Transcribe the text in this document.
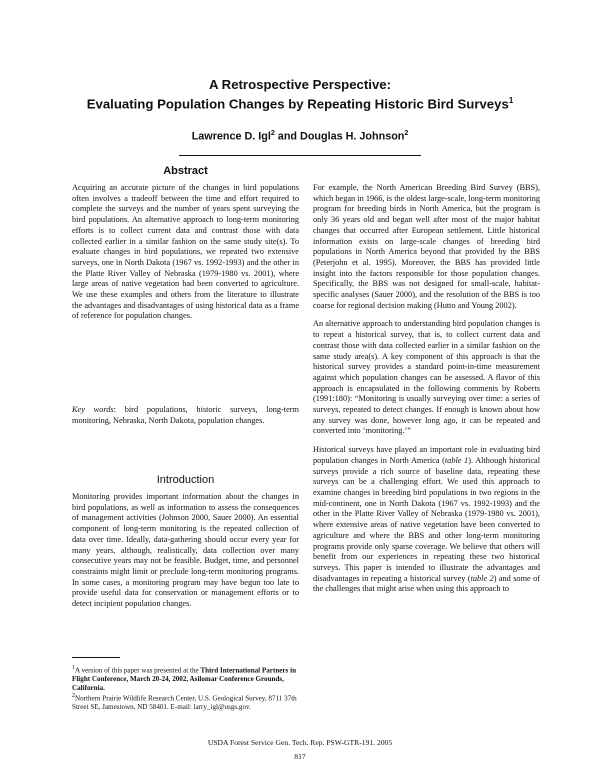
A Retrospective Perspective:
Evaluating Population Changes by Repeating Historic Bird Surveys$^1$
Lawrence D. Igl$^2$ and Douglas H. Johnson$^2$
Abstract

Acquiring an accurate picture of the changes in bird populations often involves a tradeoff between the time and effort required to complete the surveys and the number of years spent surveying the bird populations. An alternative approach to long-term monitoring efforts is to collect current data and contrast those with data collected earlier in a similar fashion on the same study site(s). To evaluate changes in bird populations, we repeated two extensive surveys, one in North Dakota (1967 vs. 1992-1993) and the other in the Platte River Valley of Nebraska (1979-1980 vs. 2001), where large areas of native vegetation had been converted to agriculture. We use these examples and others from the literature to illustrate the advantages and disadvantages of using historical data as a frame of reference for population changes.

Key words: bird populations, historic surveys, long-term monitoring, Nebraska, North Dakota, population changes.
Introduction

Monitoring provides important information about the changes in bird populations, as well as information to assess the consequences of management activities (Johnson 2000, Sauer 2000). An essential component of long-term monitoring is the repeated collection of data over time. Ideally, data-gathering should occur every year for many years, although, realistically, data collection over many consecutive years may not be feasible. Budget, time, and personnel constraints might limit or preclude long-term monitoring programs. In some cases, a monitoring program may have begun too late to provide useful data for conservation or management efforts or to detect incipient population changes.

For example, the North American Breeding Bird Survey (BBS), which began in 1966, is the oldest large-scale, long-term monitoring program for breeding birds in North America, but the program is only 36 years old and began well after most of the major habitat changes that occurred after European settlement. Little historical information exists on large-scale changes of breeding bird populations in North America beyond that provided by the BBS (Peterjohn et al. 1995). Moreover, the BBS has provided little insight into the factors responsible for those population changes. Specifically, the BBS was not designed for small-scale, habitat-specific analyses (Sauer 2000), and the resolution of the BBS is too coarse for regional decision making (Hutto and Young 2002).

An alternative approach to understanding bird population changes is to repeat a historical survey, that is, to collect current data and contrast those with data collected earlier in a similar fashion on the same study area(s). A key component of this approach is that the historical survey provides a standard point-in-time measurement against which population changes can be assessed. A flavor of this approach is encapsulated in the following comments by Roberts (1991:180): “Monitoring is usually surveying over time: a series of surveys, repeated to detect changes. If enough is known about how any survey was done, however long ago, it can be repeated and converted into ‘monitoring.’”

Historical surveys have played an important role in evaluating bird population changes in North America (table 1). Although historical surveys provide a rich source of baseline data, repeating these surveys can be a challenging effort. We used this approach to examine changes in breeding bird populations in two regions in the mid-continent, one in North Dakota (1967 vs. 1992-1993) and the other in the Platte River Valley of Nebraska (1979-1980 vs. 2001), where extensive areas of native vegetation have been converted to agriculture and where the BBS and other long-term monitoring programs provide only sparse coverage. We believe that others will benefit from our experiences in repeating these two historical surveys. This paper is intended to illustrate the advantages and disadvantages in repeating a historical survey (table 2) and some of the challenges that might arise when using this approach to

$^1$A version of this paper was presented at the Third International Partners in Flight Conference, March 20-24, 2002, Asilomar Conference Grounds, California.

$^2$Northern Prairie Wildlife Research Center, U.S. Geological Survey, 8711 37th Street SE, Jamestown, ND 58401. E-mail: larry_igl@usgs.gov.

USDA Forest Service Gen. Tech. Rep. PSW-GTR-191. 2005
817
